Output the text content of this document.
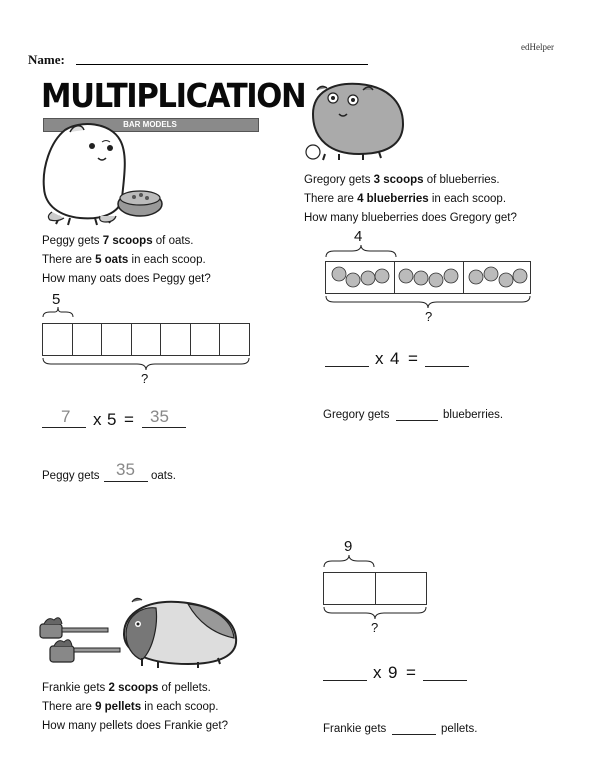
edHelper
Name:
MULTIPLICATION
BAR MODELS
Peggy gets 7 scoops of oats.
There are 5 oats in each scoop.
How many oats does Peggy get?
5
?
7 x 5 = 35
Peggy gets 35 oats.
Gregory gets 3 scoops of blueberries.
There are 4 blueberries in each scoop.
How many blueberries does Gregory get?
4
?
x 4 =
Gregory gets	blueberries.
Frankie gets 2 scoops of pellets.
There are 9 pellets in each scoop.
How many pellets does Frankie get?
9
?
x 9 =
Frankie gets	pellets.
